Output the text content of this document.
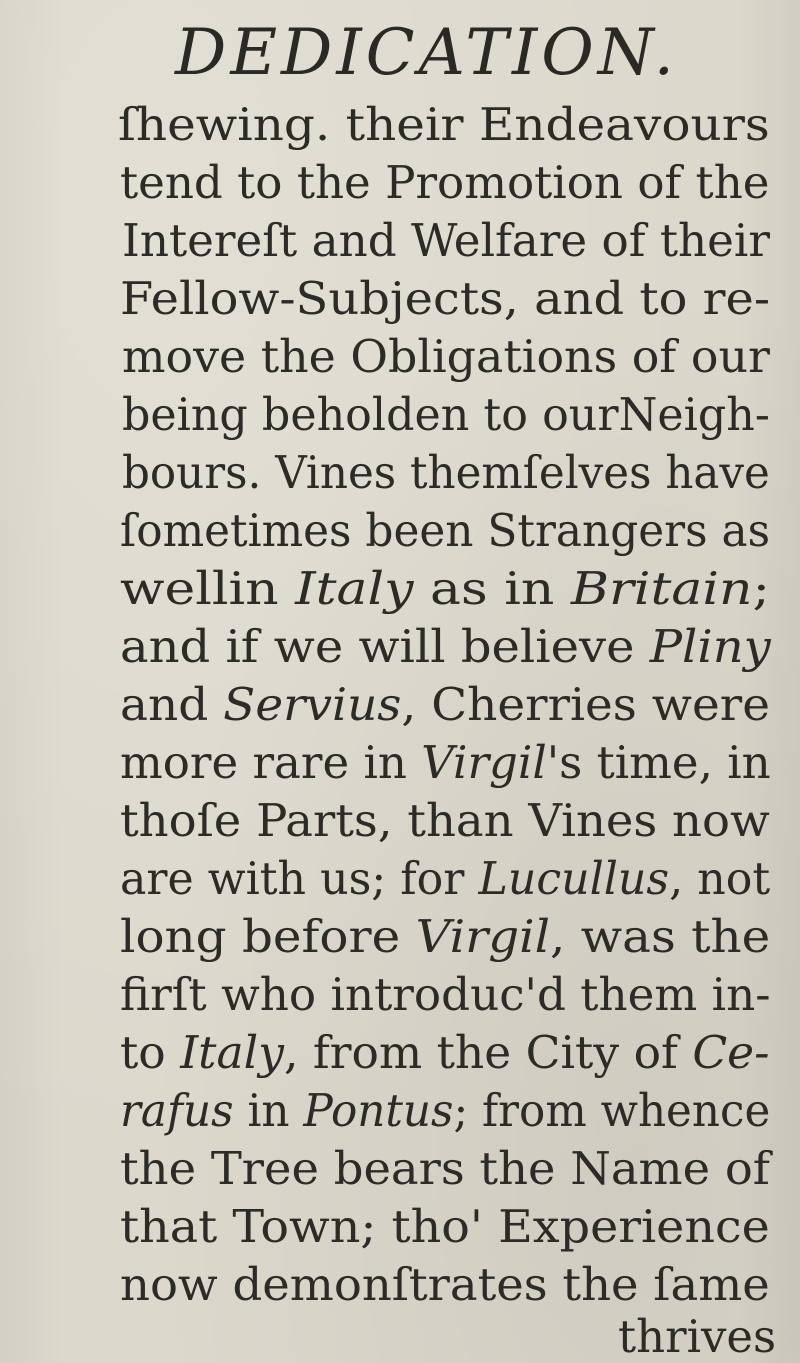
DEDICATION.
ſhewing. their Endeavours
tend to the Promotion of the
Intereſt and Welfare of their
Fellow-Subjects, and to re-
move the Obligations of our
being beholden to ourNeigh-
bours. Vines themſelves have
ſometimes been Strangers as
wellin Italy as in Britain;
and if we will believe Pliny
and Servius, Cherries were
more rare in Virgil's time, in
thoſe Parts, than Vines now
are with us; for Lucullus, not
long before Virgil, was the
firſt who introduc'd them in-
to Italy, from the City of Ce-
rafus in Pontus; from whence
the Tree bears the Name of
that Town; tho' Experience
now demonſtrates the ſame
thrives
